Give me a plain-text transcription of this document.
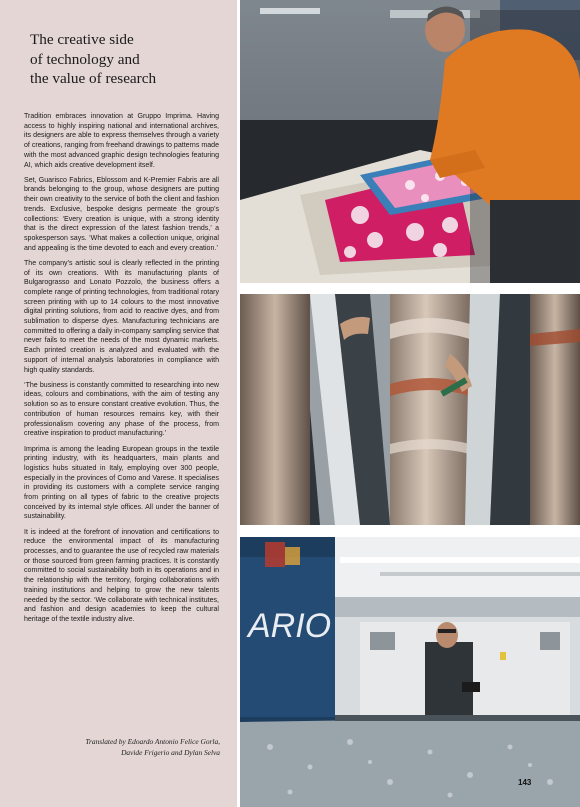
The creative side
of technology and
the value of research

Tradition embraces innovation at Gruppo Imprima. Having access to highly inspiring national and international archives, its designers are able to express themselves through a variety of creations, ranging from freehand drawings to patterns made with the most advanced graphic design technologies featuring AI, which aids creative development itself.

Set, Guarisco Fabrics, Eblossom and K-Premier Fabris are all brands belonging to the group, whose designers are putting their own creativity to the service of both the client and fashion trends. Exclusive, bespoke designs permeate the group’s collections: ‘Every creation is unique, with a strong identity that is the direct expression of the latest fashion trends,’ a spokesperson says. ‘What makes a collection unique, original and appealing is the time devoted to each and every creation.’

The company’s artistic soul is clearly reflected in the printing of its own creations. With its manufacturing plants of Bulgarograsso and Lonato Pozzolo, the business offers a complete range of printing technologies, from traditional rotary screen printing with up to 14 colours to the most innovative digital printing solutions, from acid to reactive dyes, and from sublimation to disperse dyes. Manufacturing technicians are committed to offering a daily in-company sampling service that never fails to meet the needs of the most dynamic markets. Each printed creation is analyzed and evaluated with the support of internal analysis laboratories in compliance with high quality standards.

‘The business is constantly committed to researching into new ideas, colours and combinations, with the aim of testing any solution so as to ensure constant creative evolution. Thus, the contribution of human resources remains key, with their professionalism covering any phase of the process, from creative inspiration to product manufacturing.’

Imprima is among the leading European groups in the textile printing industry, with its headquarters, main plants and logistics hubs situated in Italy, employing over 300 people, especially in the provinces of Como and Varese. It specialises in providing its customers with a complete service ranging from printing on all types of fabric to the creative projects conceived by its internal style offices. All under the banner of sustainability.

It is indeed at the forefront of innovation and certifications to reduce the environmental impact of its manufacturing processes, and to guarantee the use of recycled raw materials or those sourced from green farming practices. It is constantly committed to social sustainability both in its operations and in the relationship with the territory, forging collaborations with training institutions and helping to grow the new talents needed by the sector. ‘We collaborate with technical institutes, and fashion and design academies to keep the cultural heritage of the textile industry alive.

Translated by Edoardo Antonio Felice Gorla,
Davide Frigerio and Dylan Selva
ARIO
143
